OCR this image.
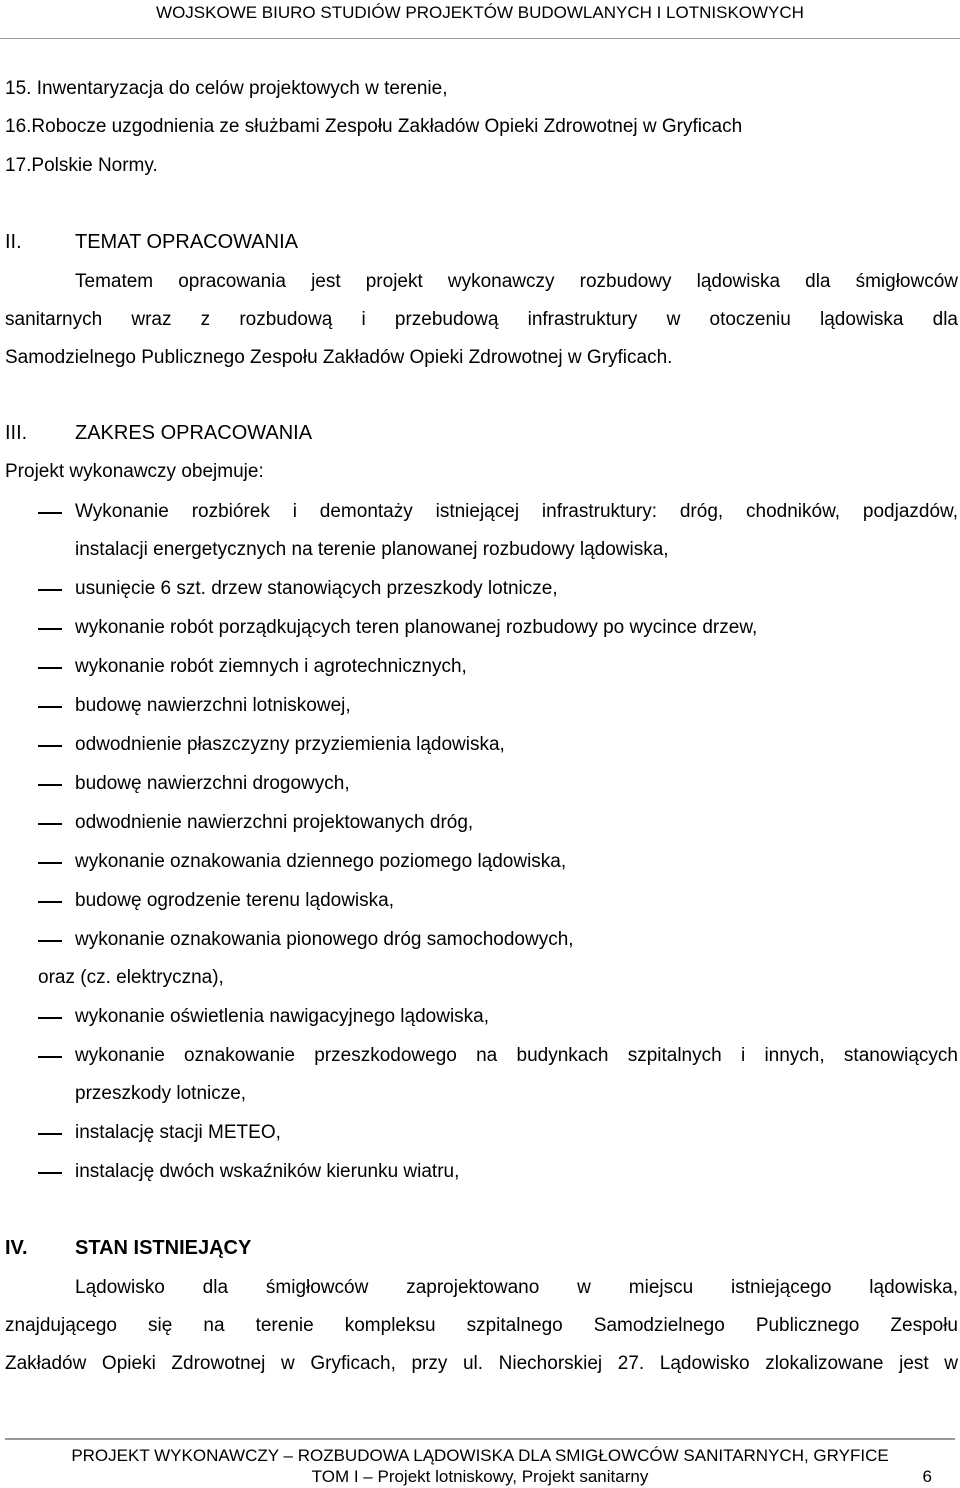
WOJSKOWE BIURO STUDIÓW PROJEKTÓW BUDOWLANYCH I LOTNISKOWYCH
15. Inwentaryzacja do celów projektowych w terenie,
16.Robocze uzgodnienia ze służbami Zespołu Zakładów Opieki Zdrowotnej w Gryficach
17.Polskie Normy.
II.	TEMAT OPRACOWANIA
Tematem opracowania jest projekt wykonawczy rozbudowy lądowiska dla śmigłowców
sanitarnych wraz z rozbudową i przebudową infrastruktury w otoczeniu lądowiska dla
Samodzielnego Publicznego Zespołu Zakładów Opieki Zdrowotnej w Gryficach.
III. ZAKRES OPRACOWANIA
Projekt wykonawczy obejmuje:
Wykonanie rozbiórek i demontaży istniejącej infrastruktury: dróg, chodników, podjazdów,
instalacji energetycznych na terenie planowanej rozbudowy lądowiska,
usunięcie 6 szt. drzew stanowiących przeszkody lotnicze,
wykonanie robót porządkujących teren planowanej rozbudowy po wycince drzew,
wykonanie robót ziemnych i agrotechnicznych,
budowę nawierzchni lotniskowej,
odwodnienie płaszczyzny przyziemienia lądowiska,
budowę nawierzchni drogowych,
odwodnienie nawierzchni projektowanych dróg,
wykonanie oznakowania dziennego poziomego lądowiska,
budowę ogrodzenie terenu lądowiska,
wykonanie oznakowania pionowego dróg samochodowych,
oraz (cz. elektryczna),
wykonanie oświetlenia nawigacyjnego lądowiska,
wykonanie oznakowanie przeszkodowego na budynkach szpitalnych i innych, stanowiących
przeszkody lotnicze,
instalację stacji METEO,
instalację dwóch wskaźników kierunku wiatru,
IV. STAN ISTNIEJĄCY
Lądowisko dla śmigłowców zaprojektowano w miejscu istniejącego lądowiska,
znajdującego się na terenie kompleksu szpitalnego Samodzielnego Publicznego Zespołu
Zakładów Opieki Zdrowotnej w Gryficach, przy ul. Niechorskiej 27. Lądowisko zlokalizowane jest w
PROJEKT WYKONAWCZY – ROZBUDOWA LĄDOWISKA DLA SMIGŁOWCÓW SANITARNYCH, GRYFICE
TOM I – Projekt lotniskowy, Projekt sanitarny	6
